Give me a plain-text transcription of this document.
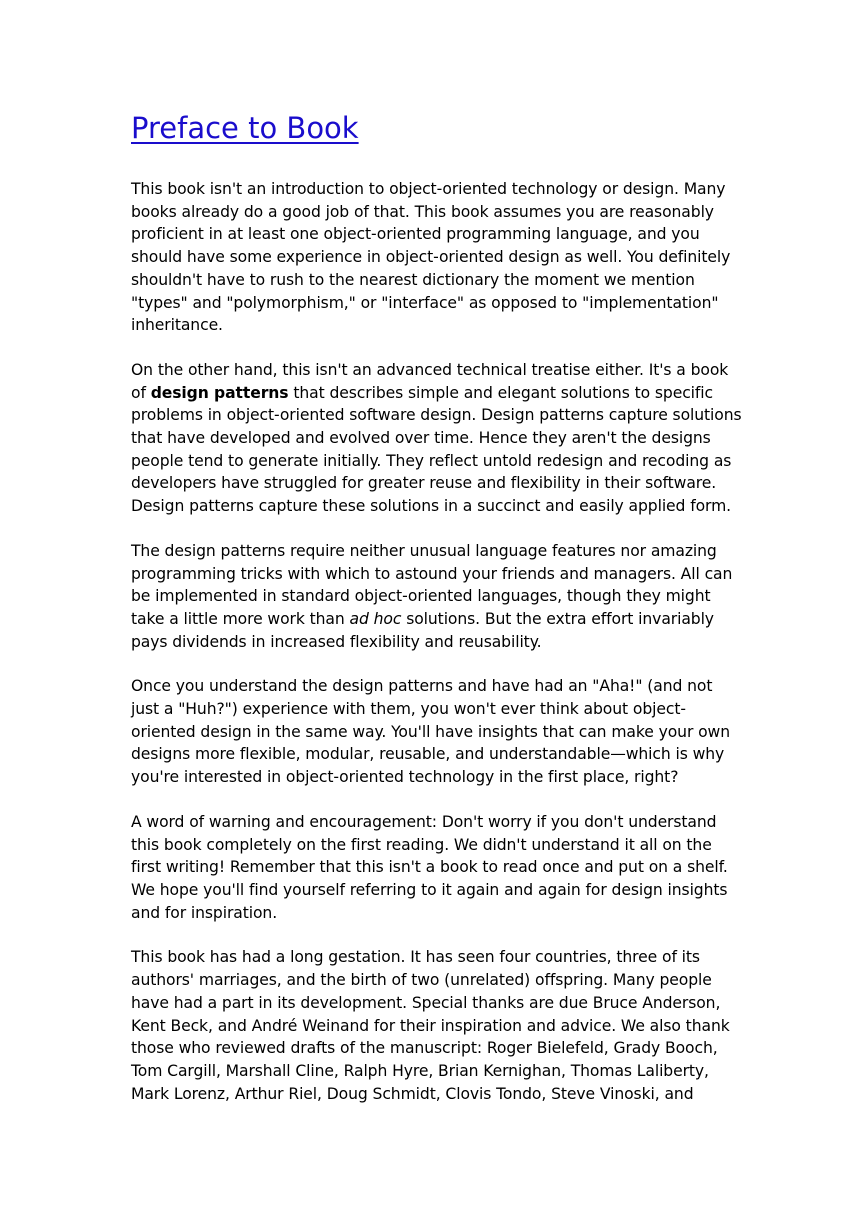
Preface to Book

This book isn't an introduction to object-oriented technology or design. Many books already do a good job of that. This book assumes you are reasonably proficient in at least one object-oriented programming language, and you should have some experience in object-oriented design as well. You definitely shouldn't have to rush to the nearest dictionary the moment we mention "types" and "polymorphism," or "interface" as opposed to "implementation" inheritance.

On the other hand, this isn't an advanced technical treatise either. It's a book of design patterns that describes simple and elegant solutions to specific problems in object-oriented software design. Design patterns capture solutions that have developed and evolved over time. Hence they aren't the designs people tend to generate initially. They reflect untold redesign and recoding as developers have struggled for greater reuse and flexibility in their software. Design patterns capture these solutions in a succinct and easily applied form.

The design patterns require neither unusual language features nor amazing programming tricks with which to astound your friends and managers. All can be implemented in standard object-oriented languages, though they might take a little more work than ad hoc solutions. But the extra effort invariably pays dividends in increased flexibility and reusability.

Once you understand the design patterns and have had an "Aha!" (and not just a "Huh?") experience with them, you won't ever think about object-oriented design in the same way. You'll have insights that can make your own designs more flexible, modular, reusable, and understandable—which is why you're interested in object-oriented technology in the first place, right?

A word of warning and encouragement: Don't worry if you don't understand this book completely on the first reading. We didn't understand it all on the first writing! Remember that this isn't a book to read once and put on a shelf. We hope you'll find yourself referring to it again and again for design insights and for inspiration.

This book has had a long gestation. It has seen four countries, three of its authors' marriages, and the birth of two (unrelated) offspring. Many people have had a part in its development. Special thanks are due Bruce Anderson, Kent Beck, and André Weinand for their inspiration and advice. We also thank those who reviewed drafts of the manuscript: Roger Bielefeld, Grady Booch, Tom Cargill, Marshall Cline, Ralph Hyre, Brian Kernighan, Thomas Laliberty, Mark Lorenz, Arthur Riel, Doug Schmidt, Clovis Tondo, Steve Vinoski, and
